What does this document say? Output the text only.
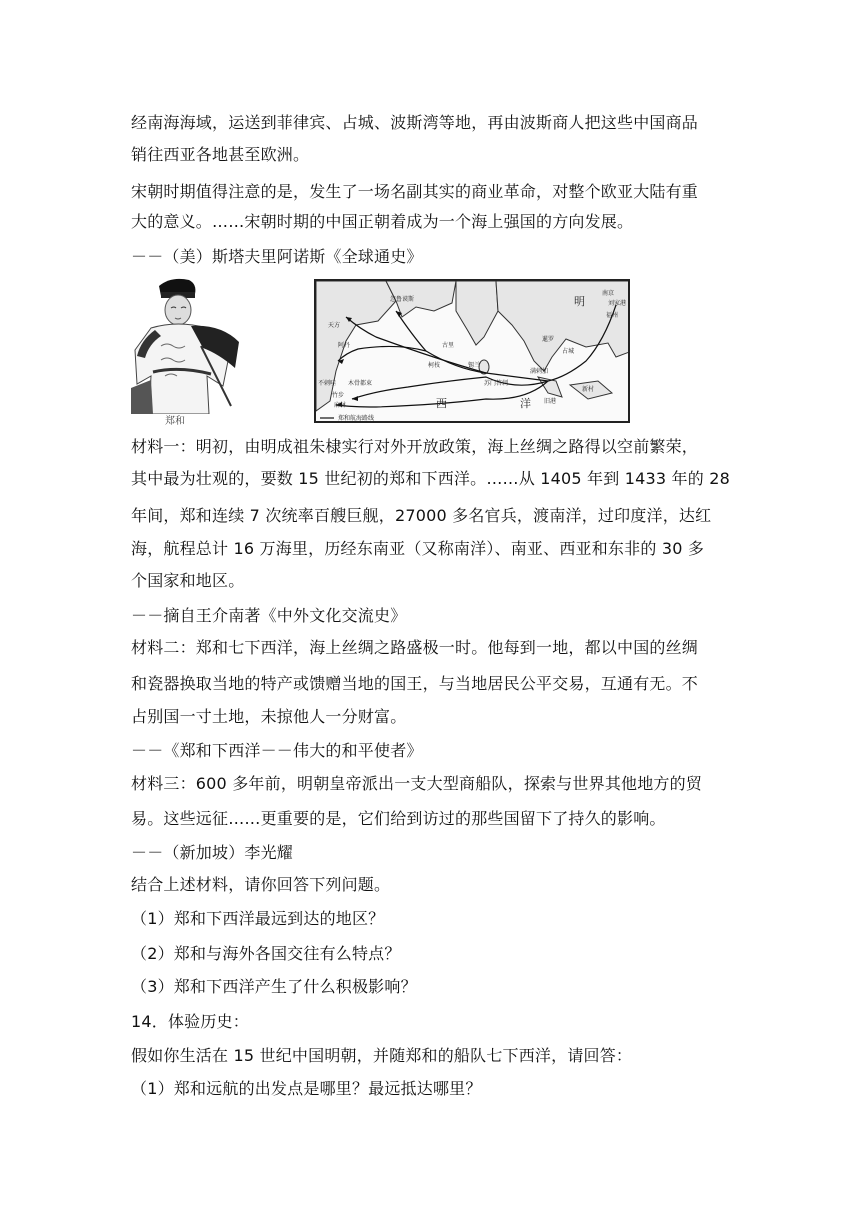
经南海海域，运送到菲律宾、占城、波斯湾等地，再由波斯商人把这些中国商品
销往西亚各地甚至欧洲。
宋朝时期值得注意的是，发生了一场名副其实的商业革命，对整个欧亚大陆有重
大的意义。……宋朝时期的中国正朝着成为一个海上强国的方向发展。
－－（美）斯塔夫里阿诺斯《全球通史》
郑和
明
西	洋
忽鲁谟斯
天方
阿丹
木骨都束
不刺哇
竹步
麻林
古里
柯枝	锡兰
苏门答剌
满剌加
旧港
占城
暹罗
南京
刘家港
福州
新村
郑和航海路线
材料一：明初，由明成祖朱棣实行对外开放政策，海上丝绸之路得以空前繁荣，
其中最为壮观的，要数 15 世纪初的郑和下西洋。……从 1405 年到 1433 年的 28
年间，郑和连续 7 次统率百艘巨舰，27000 多名官兵，渡南洋，过印度洋，达红
海，航程总计 16 万海里，历经东南亚（又称南洋）、南亚、西亚和东非的 30 多
个国家和地区。
－－摘自王介南著《中外文化交流史》
材料二：郑和七下西洋，海上丝绸之路盛极一时。他每到一地，都以中国的丝绸
和瓷器换取当地的特产或馈赠当地的国王，与当地居民公平交易，互通有无。不
占别国一寸土地，未掠他人一分财富。
－－《郑和下西洋－－伟大的和平使者》
材料三：600 多年前，明朝皇帝派出一支大型商船队，探索与世界其他地方的贸
易。这些远征……更重要的是，它们给到访过的那些国留下了持久的影响。
－－（新加坡）李光耀
结合上述材料，请你回答下列问题。
（1）郑和下西洋最远到达的地区？
（2）郑和与海外各国交往有么特点？
（3）郑和下西洋产生了什么积极影响？
14．体验历史：
假如你生活在 15 世纪中国明朝，并随郑和的船队七下西洋，请回答：
（1）郑和远航的出发点是哪里？最远抵达哪里？
